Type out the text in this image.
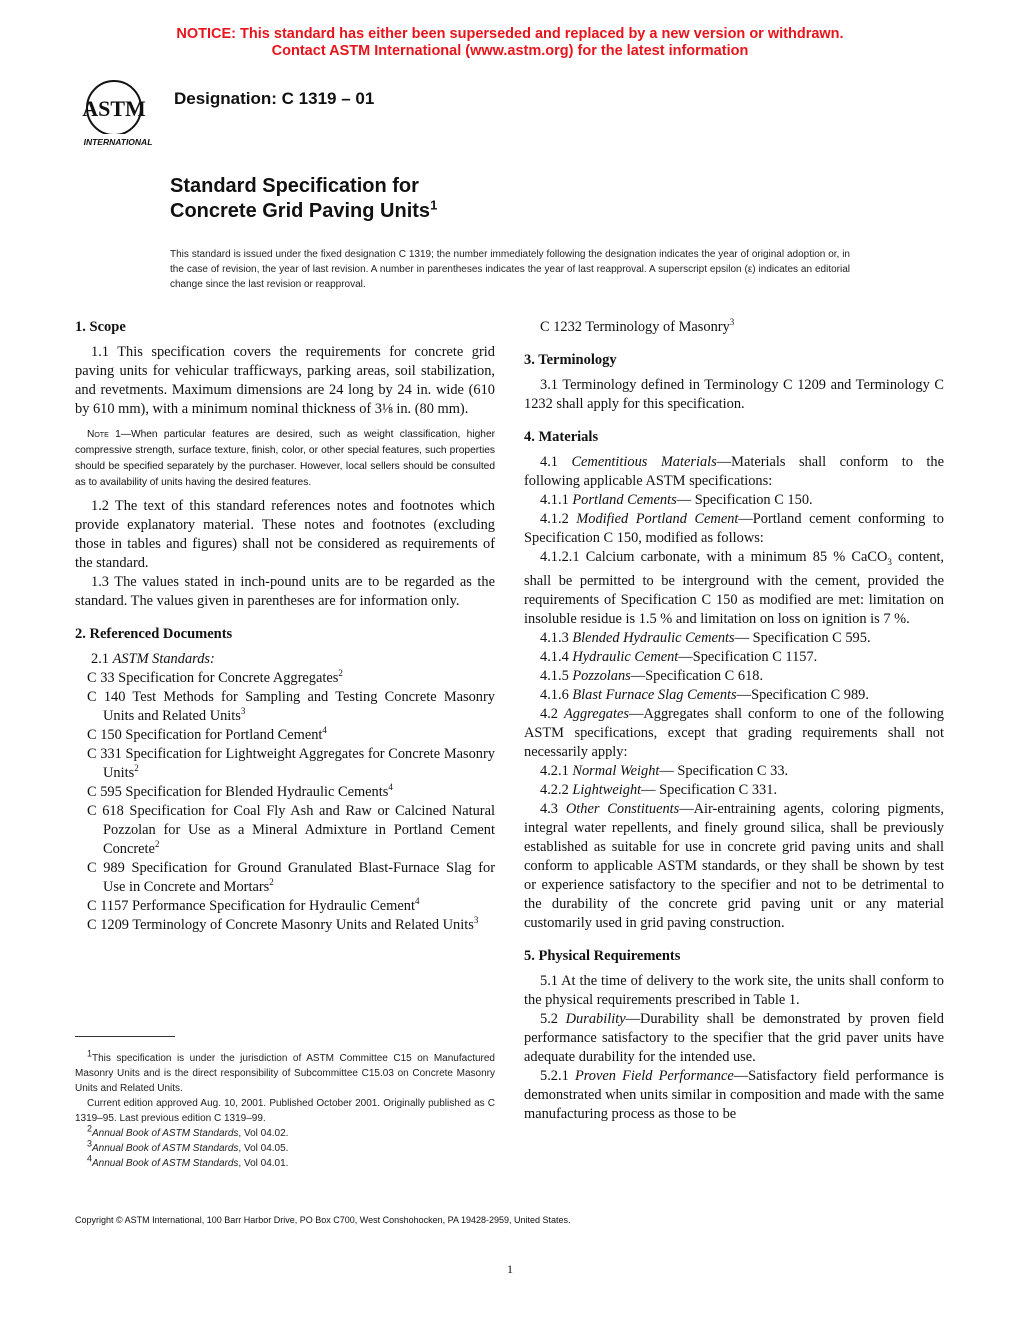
NOTICE: This standard has either been superseded and replaced by a new version or withdrawn.
Contact ASTM International (www.astm.org) for the latest information
ASTM
INTERNATIONAL
Designation: C 1319 – 01
Standard Specification for
Concrete Grid Paving Units$^1$
This standard is issued under the fixed designation C 1319; the number immediately following the designation indicates the year of original adoption or, in the case of revision, the year of last revision. A number in parentheses indicates the year of last reapproval. A superscript epsilon (ε) indicates an editorial change since the last revision or reapproval.
1. Scope

1.1 This specification covers the requirements for concrete grid paving units for vehicular trafficways, parking areas, soil stabilization, and revetments. Maximum dimensions are 24 long by 24 in. wide (610 by 610 mm), with a minimum nominal thickness of 3⅛ in. (80 mm).

Note 1—When particular features are desired, such as weight classification, higher compressive strength, surface texture, finish, color, or other special features, such properties should be specified separately by the purchaser. However, local sellers should be consulted as to availability of units having the desired features.

1.2 The text of this standard references notes and footnotes which provide explanatory material. These notes and footnotes (excluding those in tables and figures) shall not be considered as requirements of the standard.

1.3 The values stated in inch-pound units are to be regarded as the standard. The values given in parentheses are for information only.

2. Referenced Documents

2.1 ASTM Standards:

C 33 Specification for Concrete Aggregates$^2$

C 140 Test Methods for Sampling and Testing Concrete Masonry Units and Related Units$^3$

C 150 Specification for Portland Cement$^4$

C 331 Specification for Lightweight Aggregates for Concrete Masonry Units$^2$

C 595 Specification for Blended Hydraulic Cements$^4$

C 618 Specification for Coal Fly Ash and Raw or Calcined Natural Pozzolan for Use as a Mineral Admixture in Portland Cement Concrete$^2$

C 989 Specification for Ground Granulated Blast-Furnace Slag for Use in Concrete and Mortars$^2$

C 1157 Performance Specification for Hydraulic Cement$^4$

C 1209 Terminology of Concrete Masonry Units and Related Units$^3$

$^1$This specification is under the jurisdiction of ASTM Committee C15 on Manufactured Masonry Units and is the direct responsibility of Subcommittee C15.03 on Concrete Masonry Units and Related Units.

Current edition approved Aug. 10, 2001. Published October 2001. Originally published as C 1319–95. Last previous edition C 1319–99.

$^2$Annual Book of ASTM Standards, Vol 04.02.

$^3$Annual Book of ASTM Standards, Vol 04.05.

$^4$Annual Book of ASTM Standards, Vol 04.01.

C 1232 Terminology of Masonry$^3$

3. Terminology

3.1 Terminology defined in Terminology C 1209 and Terminology C 1232 shall apply for this specification.

4. Materials

4.1 Cementitious Materials—Materials shall conform to the following applicable ASTM specifications:

4.1.1 Portland Cements— Specification C 150.

4.1.2 Modified Portland Cement—Portland cement conforming to Specification C 150, modified as follows:

4.1.2.1 Calcium carbonate, with a minimum 85 % CaCO$_3$ content, shall be permitted to be interground with the cement, provided the requirements of Specification C 150 as modified are met: limitation on insoluble residue is 1.5 % and limitation on loss on ignition is 7 %.

4.1.3 Blended Hydraulic Cements— Specification C 595.

4.1.4 Hydraulic Cement—Specification C 1157.

4.1.5 Pozzolans—Specification C 618.

4.1.6 Blast Furnace Slag Cements—Specification C 989.

4.2 Aggregates—Aggregates shall conform to one of the following ASTM specifications, except that grading requirements shall not necessarily apply:

4.2.1 Normal Weight— Specification C 33.

4.2.2 Lightweight— Specification C 331.

4.3 Other Constituents—Air-entraining agents, coloring pigments, integral water repellents, and finely ground silica, shall be previously established as suitable for use in concrete grid paving units and shall conform to applicable ASTM standards, or they shall be shown by test or experience satisfactory to the specifier and not to be detrimental to the durability of the concrete grid paving unit or any material customarily used in grid paving construction.

5. Physical Requirements

5.1 At the time of delivery to the work site, the units shall conform to the physical requirements prescribed in Table 1.

5.2 Durability—Durability shall be demonstrated by proven field performance satisfactory to the specifier that the grid paver units have adequate durability for the intended use.

5.2.1 Proven Field Performance—Satisfactory field performance is demonstrated when units similar in composition and made with the same manufacturing process as those to be

Copyright © ASTM International, 100 Barr Harbor Drive, PO Box C700, West Conshohocken, PA 19428-2959, United States.
1
